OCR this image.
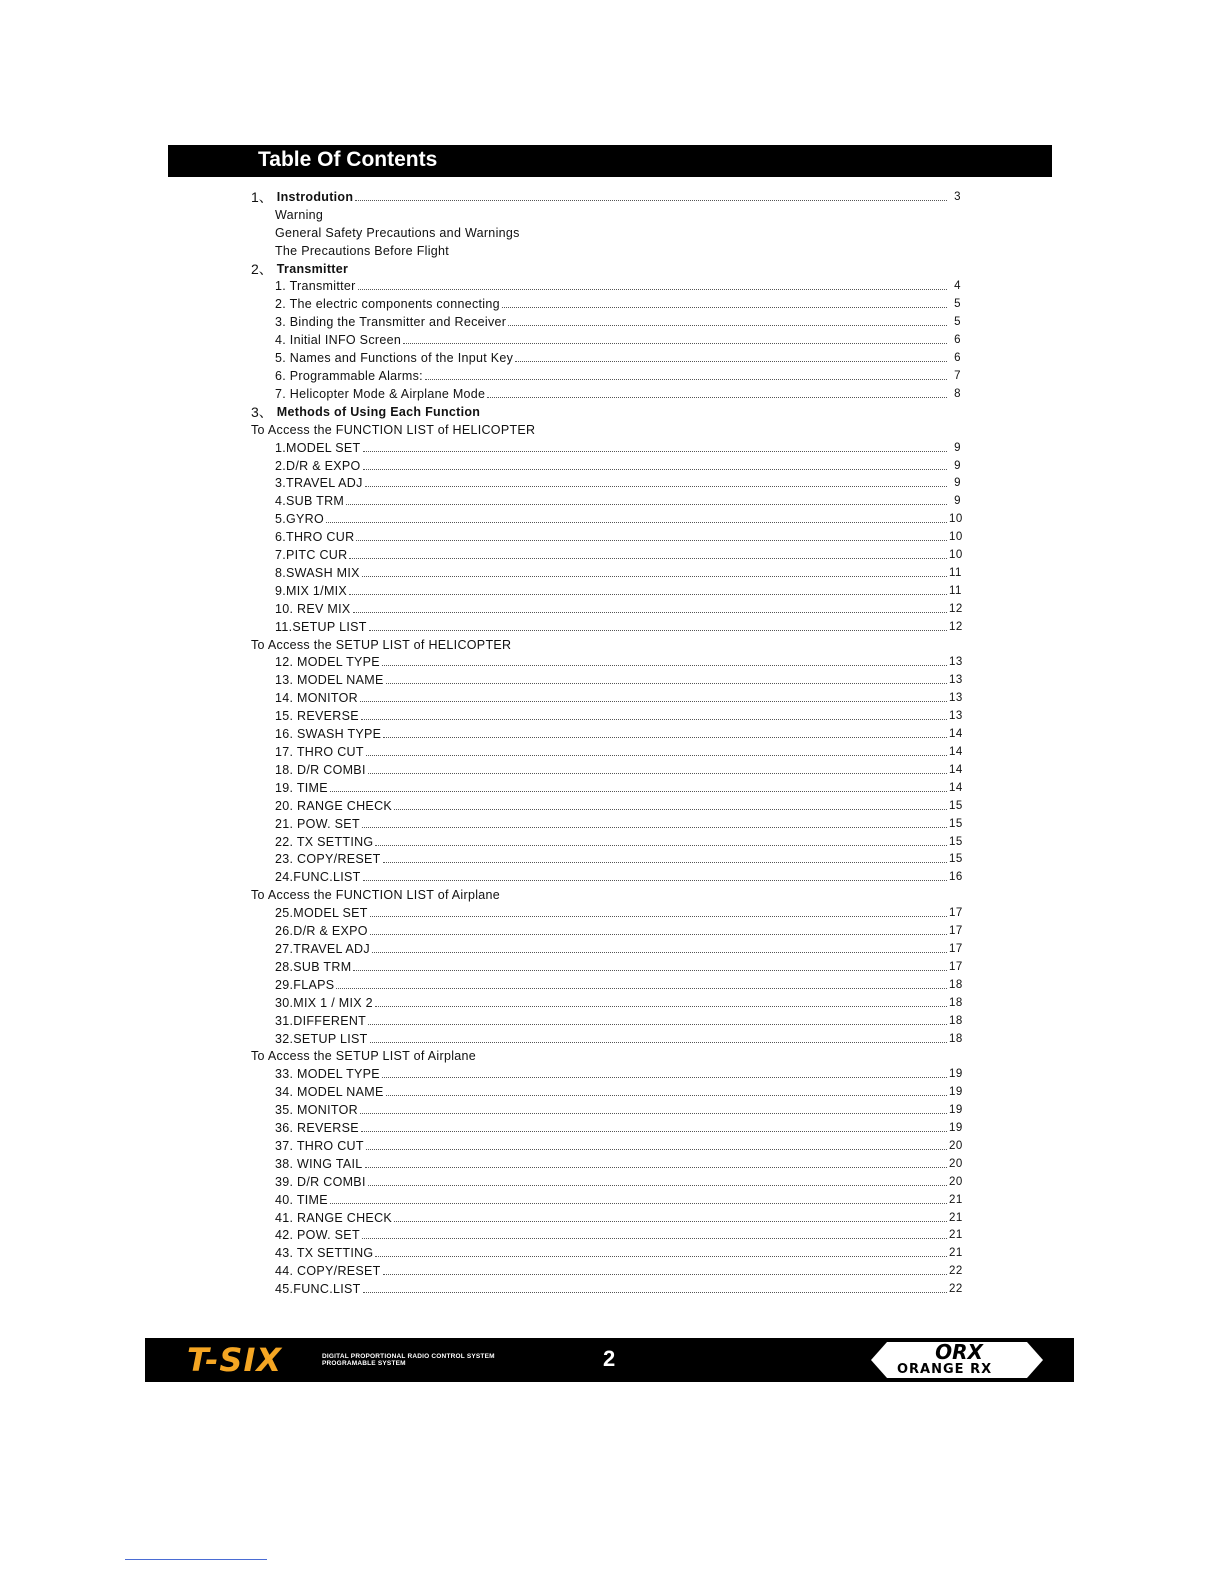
Table Of Contents
1、 Instrodution	3
Warning
General Safety Precautions and Warnings
The Precautions Before Flight
2、 Transmitter
1. Transmitter	4
2. The electric components connecting	5
3. Binding the Transmitter and Receiver	5
4. Initial INFO Screen	6
5. Names and Functions of the Input Key	6
6. Programmable Alarms:	7
7. Helicopter Mode & Airplane Mode	8
3、 Methods of Using Each Function
To Access the FUNCTION LIST of HELICOPTER
1.MODEL SET	9
2.D/R & EXPO	9
3.TRAVEL ADJ	9
4.SUB TRM	9
5.GYRO	10
6.THRO CUR	10
7.PITC CUR	10
8.SWASH MIX	11
9.MIX 1/MIX	11
10. REV MIX	12
11.SETUP LIST	12
To Access the SETUP LIST of HELICOPTER
12. MODEL TYPE	13
13. MODEL NAME	13
14. MONITOR	13
15. REVERSE	13
16. SWASH TYPE	14
17. THRO CUT	14
18. D/R COMBI	14
19. TIME	14
20. RANGE CHECK	15
21. POW. SET	15
22. TX SETTING	15
23. COPY/RESET	15
24.FUNC.LIST	16
To Access the FUNCTION LIST of Airplane
25.MODEL SET	17
26.D/R & EXPO	17
27.TRAVEL ADJ	17
28.SUB TRM	17
29.FLAPS	18
30.MIX 1 / MIX 2	18
31.DIFFERENT	18
32.SETUP LIST	18
To Access the SETUP LIST of Airplane
33. MODEL TYPE	19
34. MODEL NAME	19
35. MONITOR	19
36. REVERSE	19
37. THRO CUT	20
38. WING TAIL	20
39. D/R COMBI	20
40. TIME	21
41. RANGE CHECK	21
42. POW. SET	21
43. TX SETTING	21
44. COPY/RESET	22
45.FUNC.LIST	22
T-SIX	DIGITAL PROPORTIONAL RADIO CONTROL SYSTEM
PROGRAMABLE SYSTEM	2	ORX
ORANGE RX
